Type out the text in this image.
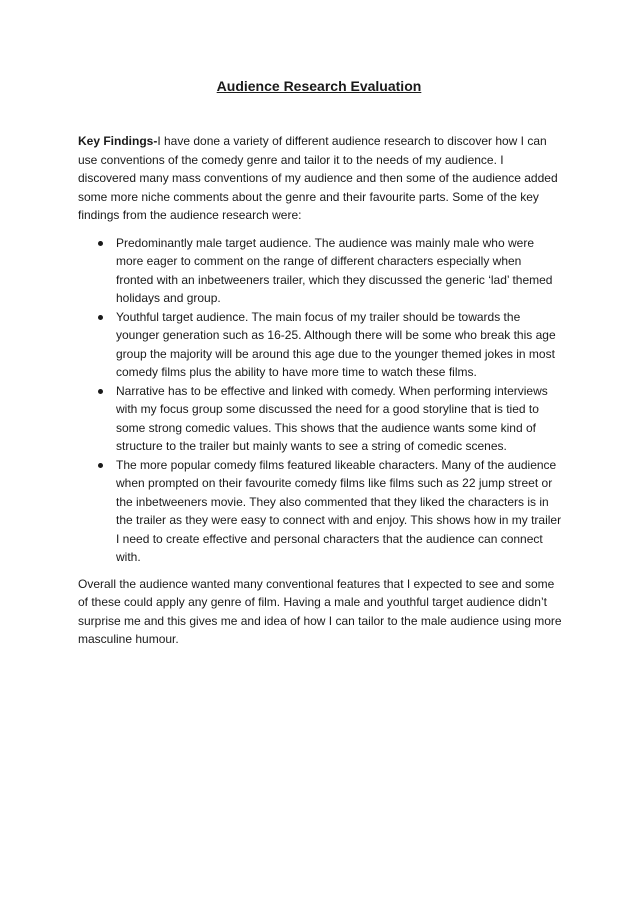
Audience Research Evaluation

Key Findings-I have done a variety of different audience research to discover how I can use conventions of the comedy genre and tailor it to the needs of my audience. I discovered many mass conventions of my audience and then some of the audience added some more niche comments about the genre and their favourite parts. Some of the key findings from the audience research were:

Predominantly male target audience. The audience was mainly male who were more eager to comment on the range of different characters especially when fronted with an inbetweeners trailer, which they discussed the generic ‘lad’ themed holidays and group.
Youthful target audience. The main focus of my trailer should be towards the younger generation such as 16-25. Although there will be some who break this age group the majority will be around this age due to the younger themed jokes in most comedy films plus the ability to have more time to watch these films.
Narrative has to be effective and linked with comedy. When performing interviews with my focus group some discussed the need for a good storyline that is tied to some strong comedic values. This shows that the audience wants some kind of structure to the trailer but mainly wants to see a string of comedic scenes.
The more popular comedy films featured likeable characters. Many of the audience when prompted on their favourite comedy films like films such as 22 jump street or the inbetweeners movie. They also commented that they liked the characters is in the trailer as they were easy to connect with and enjoy. This shows how in my trailer I need to create effective and personal characters that the audience can connect with.

Overall the audience wanted many conventional features that I expected to see and some of these could apply any genre of film. Having a male and youthful target audience didn’t surprise me and this gives me and idea of how I can tailor to the male audience using more masculine humour.
